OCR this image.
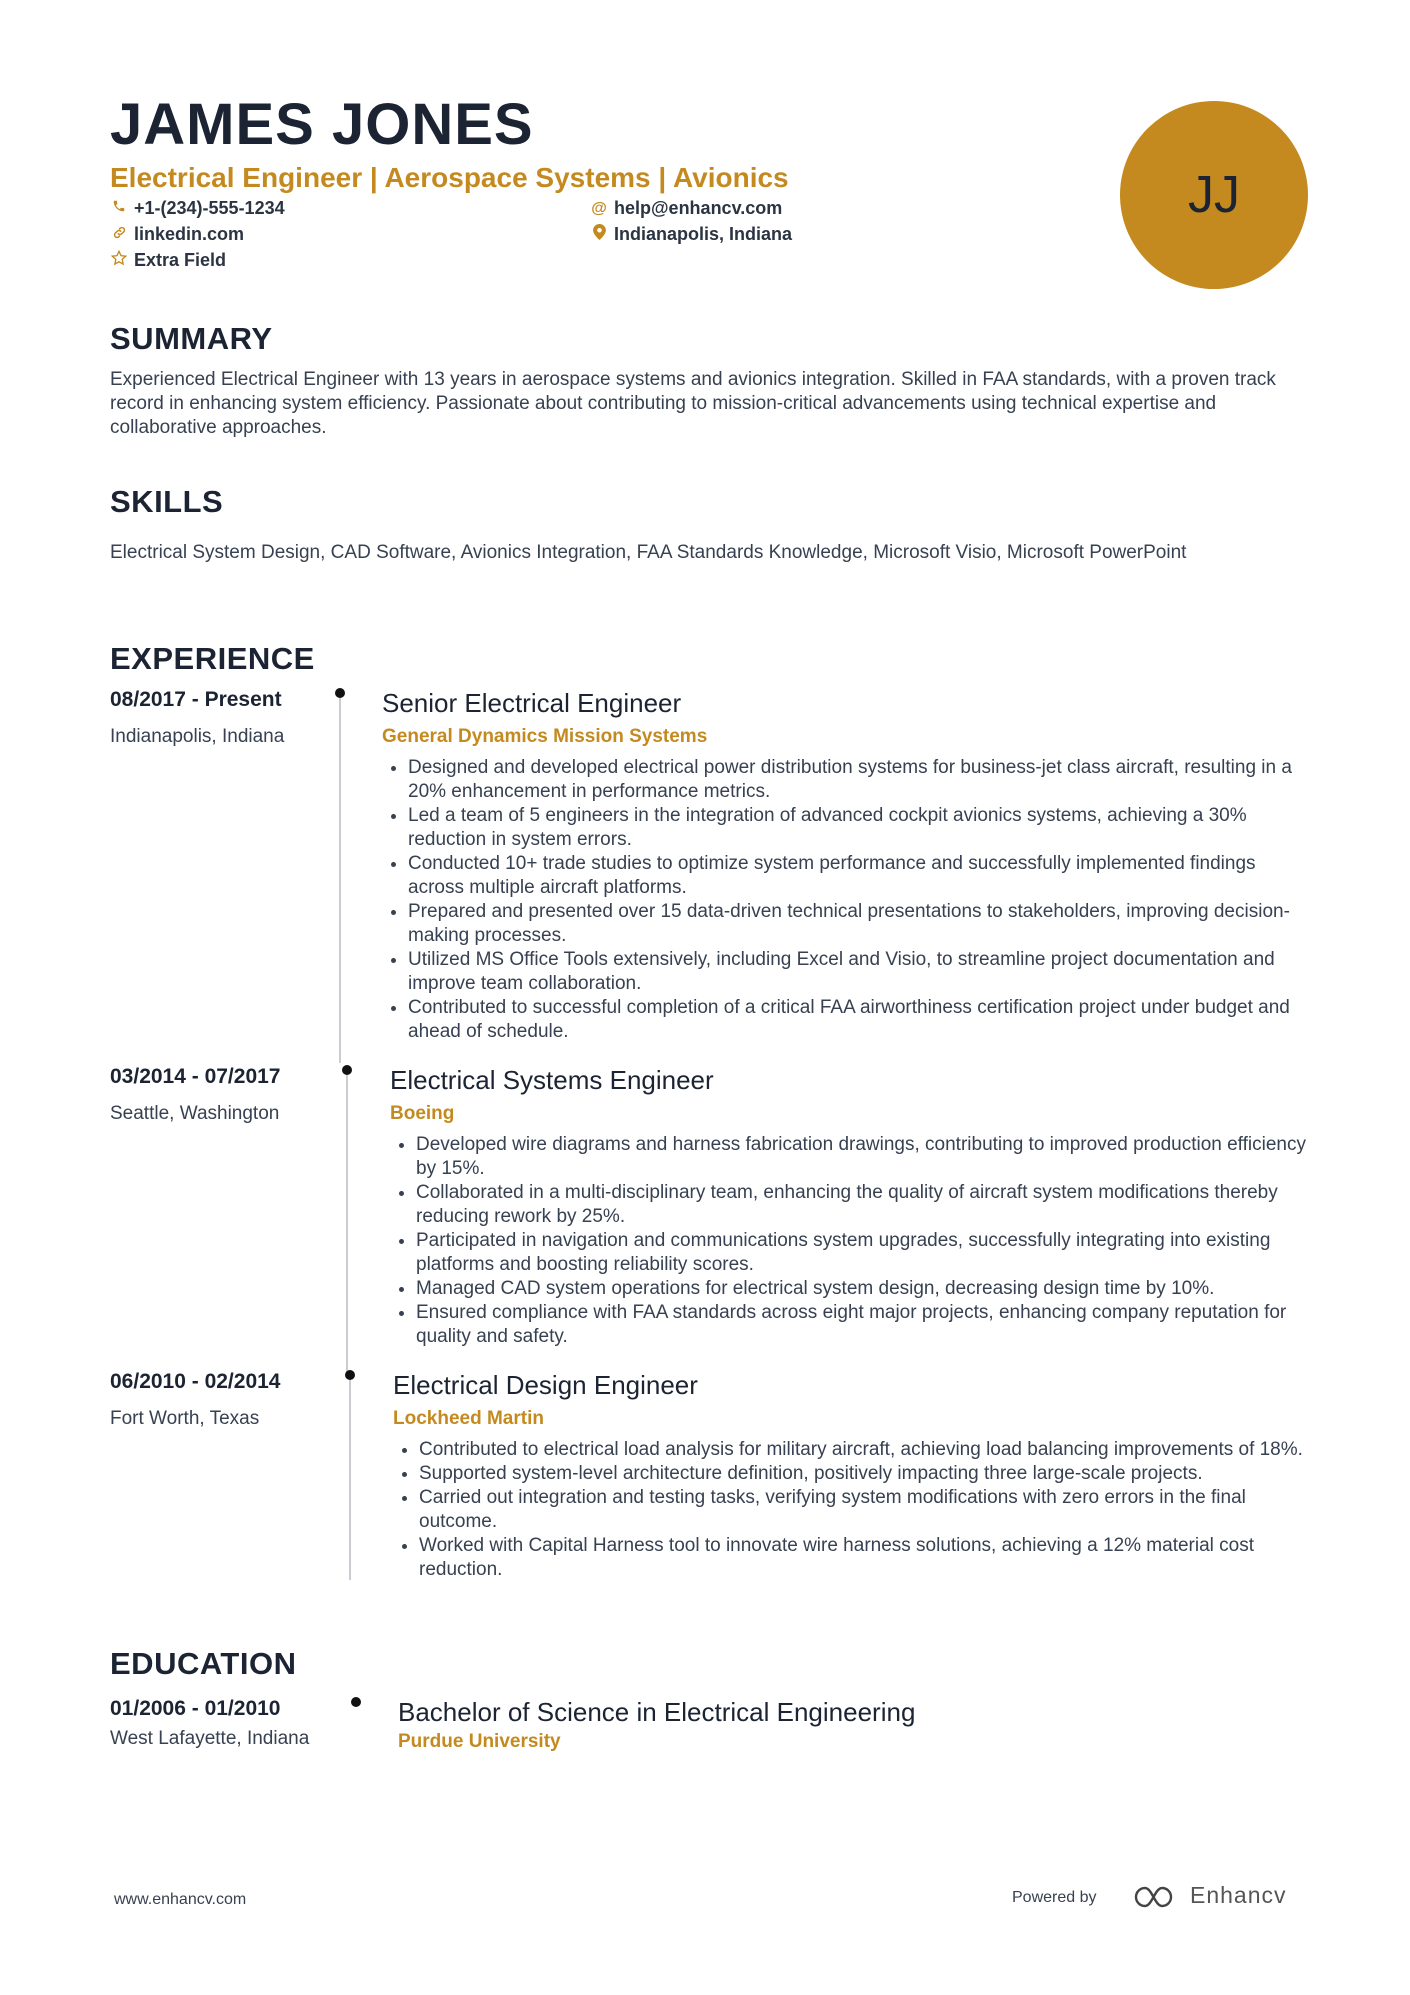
JAMES JONES
Electrical Engineer | Aerospace Systems | Avionics
+1-(234)-555-1234	@ help@enhancv.com
linkedin.com	Indianapolis, Indiana
Extra Field
JJ
SUMMARY
Experienced Electrical Engineer with 13 years in aerospace systems and avionics integration. Skilled in FAA standards, with a proven track record in enhancing system efficiency. Passionate about contributing to mission-critical advancements using technical expertise and collaborative approaches.
SKILLS
Electrical System Design, CAD Software, Avionics Integration, FAA Standards Knowledge, Microsoft Visio, Microsoft PowerPoint
EXPERIENCE
08/2017 - Present
Indianapolis, Indiana
Senior Electrical Engineer
General Dynamics Mission Systems
• Designed and developed electrical power distribution systems for business-jet class aircraft, resulting in a 20% enhancement in performance metrics.
• Led a team of 5 engineers in the integration of advanced cockpit avionics systems, achieving a 30% reduction in system errors.
• Conducted 10+ trade studies to optimize system performance and successfully implemented findings across multiple aircraft platforms.
• Prepared and presented over 15 data-driven technical presentations to stakeholders, improving decision-making processes.
• Utilized MS Office Tools extensively, including Excel and Visio, to streamline project documentation and improve team collaboration.
• Contributed to successful completion of a critical FAA airworthiness certification project under budget and ahead of schedule.
03/2014 - 07/2017
Seattle, Washington
Electrical Systems Engineer
Boeing
• Developed wire diagrams and harness fabrication drawings, contributing to improved production efficiency by 15%.
• Collaborated in a multi-disciplinary team, enhancing the quality of aircraft system modifications thereby reducing rework by 25%.
• Participated in navigation and communications system upgrades, successfully integrating into existing platforms and boosting reliability scores.
• Managed CAD system operations for electrical system design, decreasing design time by 10%.
• Ensured compliance with FAA standards across eight major projects, enhancing company reputation for quality and safety.
06/2010 - 02/2014
Fort Worth, Texas
Electrical Design Engineer
Lockheed Martin
• Contributed to electrical load analysis for military aircraft, achieving load balancing improvements of 18%.
• Supported system-level architecture definition, positively impacting three large-scale projects.
• Carried out integration and testing tasks, verifying system modifications with zero errors in the final outcome.
• Worked with Capital Harness tool to innovate wire harness solutions, achieving a 12% material cost reduction.
EDUCATION
01/2006 - 01/2010
West Lafayette, Indiana
Bachelor of Science in Electrical Engineering
Purdue University
www.enhancv.com	Powered by	Enhancv
